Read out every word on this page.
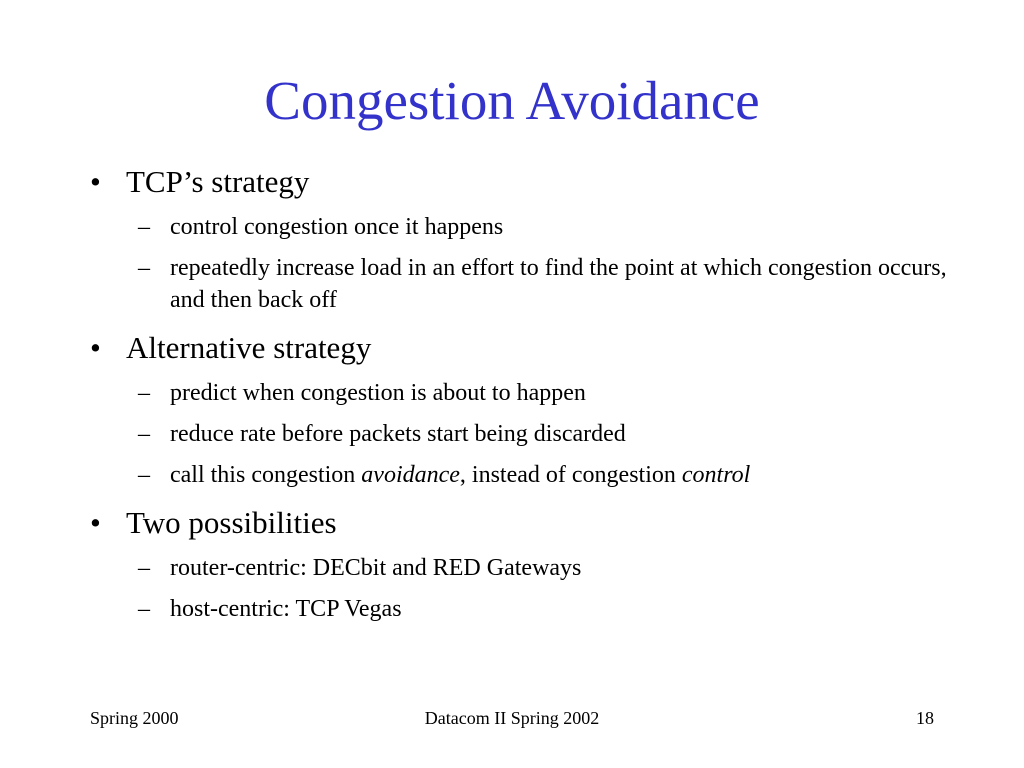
Congestion Avoidance
• TCP’s strategy
– control congestion once it happens
– repeatedly increase load in an effort to find the point at which congestion occurs, and then back off
• Alternative strategy
– predict when congestion is about to happen
– reduce rate before packets start being discarded
– call this congestion avoidance, instead of congestion control
• Two possibilities
– router-centric: DECbit and RED Gateways
– host-centric: TCP Vegas
Datacom II Spring 2002
Spring 2000	18
